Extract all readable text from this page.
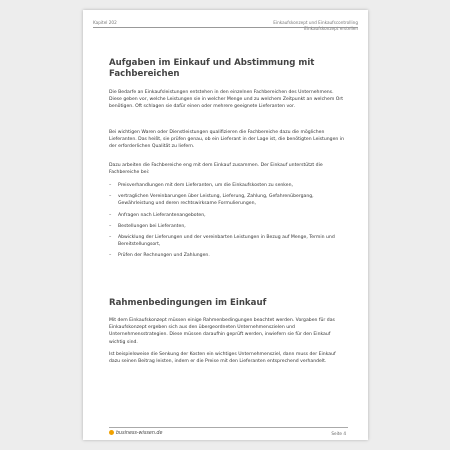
Kapitel 202	Einkaufskonzept und Einkaufscontrolling
Einkaufskonzept erstellen
Aufgaben im Einkauf und Abstimmung mit Fachbereichen

Die Bedarfe an Einkaufsleistungen entstehen in den einzelnen Fachbereichen des Unternehmens. Diese geben vor, welche Leistungen sie in welcher Menge und zu welchem Zeitpunkt an welchem Ort benötigen. Oft schlagen sie dafür einen oder mehrere geeignete Lieferanten vor.

Bei wichtigen Waren oder Dienstleistungen qualifizieren die Fachbereiche dazu die möglichen Lieferanten. Das heißt, sie prüfen genau, ob ein Lieferant in der Lage ist, die benötigten Leistungen in der erforderlichen Qualität zu liefern.

Dazu arbeiten die Fachbereiche eng mit dem Einkauf zusammen. Der Einkauf unterstützt die Fachbereiche bei:

– Preisverhandlungen mit dem Lieferanten, um die Einkaufskosten zu senken,
– vertraglichen Vereinbarungen über Leistung, Lieferung, Zahlung, Gefahrenübergang, Gewährleistung und deren rechtswirksame Formulierungen,
– Anfragen nach Lieferantenangeboten,
– Bestellungen bei Lieferanten,
– Abwicklung der Lieferungen und der vereinbarten Leistungen in Bezug auf Menge, Termin und Bereitstellungsort,
– Prüfen der Rechnungen und Zahlungen.
Rahmenbedingungen im Einkauf

Mit dem Einkaufskonzept müssen einige Rahmenbedingungen beachtet werden. Vorgaben für das Einkaufskonzept ergeben sich aus den übergeordneten Unternehmenszielen und Unternehmensstrategien. Diese müssen daraufhin geprüft werden, inwiefern sie für den Einkauf wichtig sind.

Ist beispielsweise die Senkung der Kosten ein wichtiges Unternehmensziel, dann muss der Einkauf dazu seinen Beitrag leisten, indem er die Preise mit den Lieferanten entsprechend verhandelt.

business-wissen.de	Seite 4
